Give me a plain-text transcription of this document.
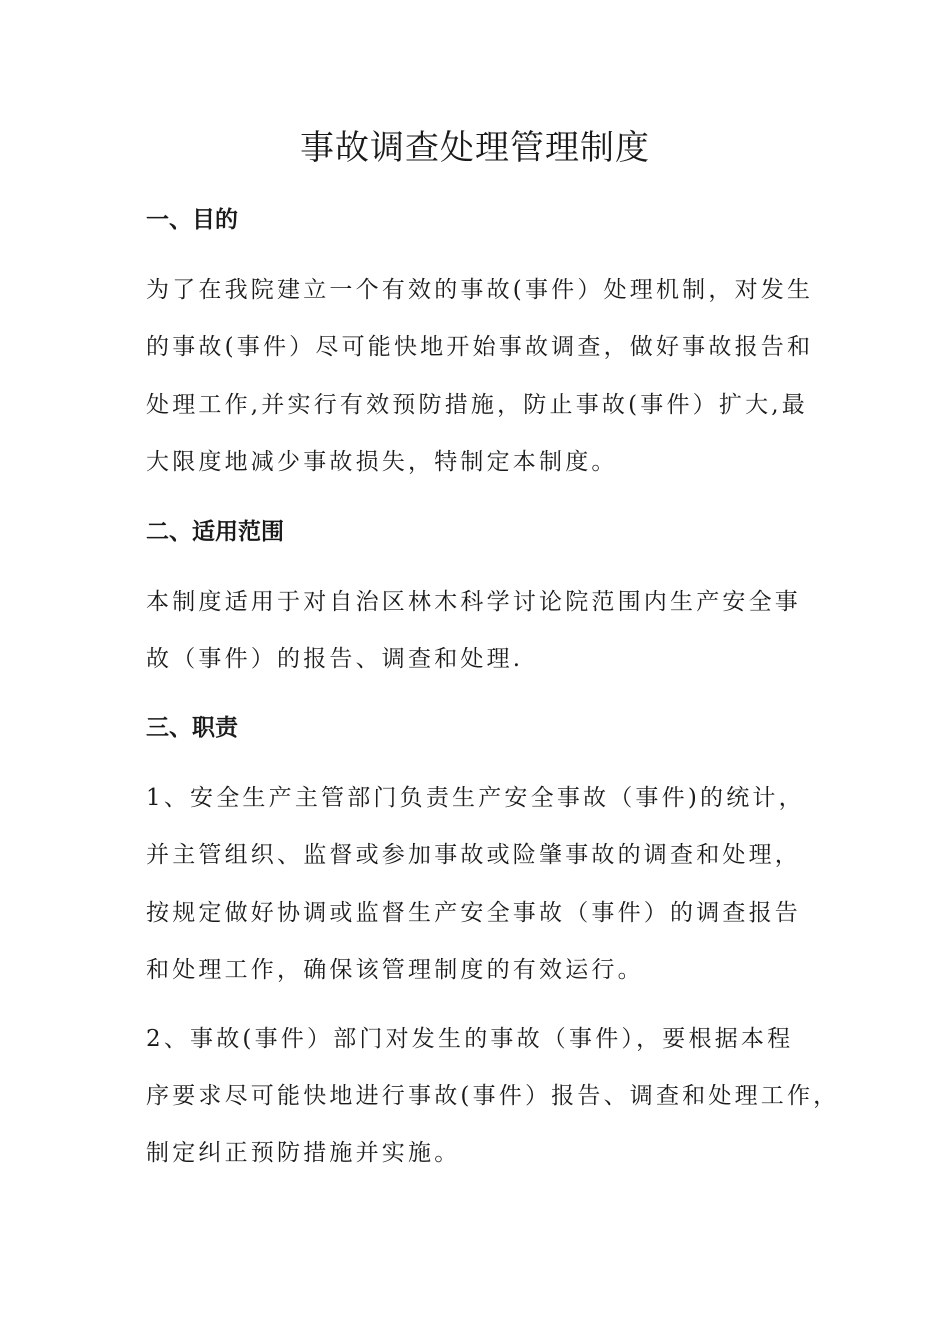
事故调查处理管理制度
一、目的

为了在我院建立一个有效的事故(事件）处理机制，对发生

的事故(事件）尽可能快地开始事故调查，做好事故报告和

处理工作,并实行有效预防措施，防止事故(事件）扩大,最

大限度地减少事故损失，特制定本制度。

二、适用范围

本制度适用于对自治区林木科学讨论院范围内生产安全事

故（事件）的报告、调查和处理.

三、职责

1、安全生产主管部门负责生产安全事故（事件)的统计，

并主管组织、监督或参加事故或险肇事故的调查和处理，

按规定做好协调或监督生产安全事故（事件）的调查报告

和处理工作，确保该管理制度的有效运行。

2、事故(事件）部门对发生的事故（事件），要根据本程

序要求尽可能快地进行事故(事件）报告、调查和处理工作，

制定纠正预防措施并实施。
